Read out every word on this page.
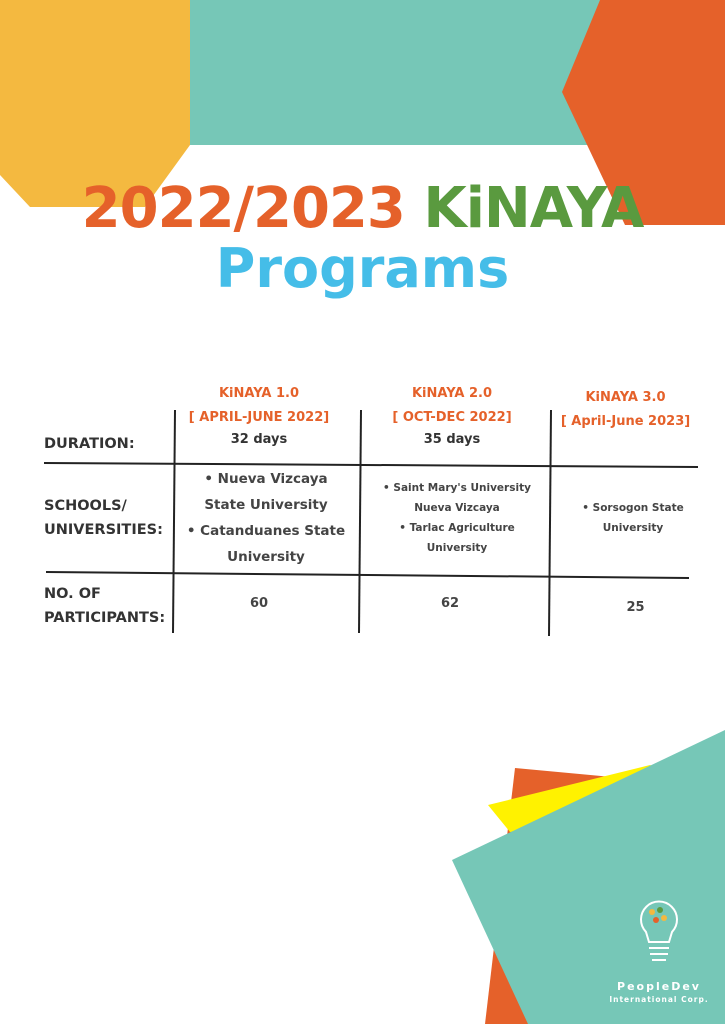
2022/2023 KiNAYA
Programs
KiNAYA 1.0
[ APRIL-JUNE 2022]
32 days
KiNAYA 2.0
[ OCT-DEC 2022]
35 days
KiNAYA 3.0
[ April-June 2023]
DURATION:
SCHOOLS/
UNIVERSITIES:
NO. OF
PARTICIPANTS:
• Nueva Vizcaya
State University
• Catanduanes State
University
• Saint Mary's University
Nueva Vizcaya
• Tarlac Agriculture
University
• Sorsogon State
University
60	62	25
PeopleDev
International Corp.
